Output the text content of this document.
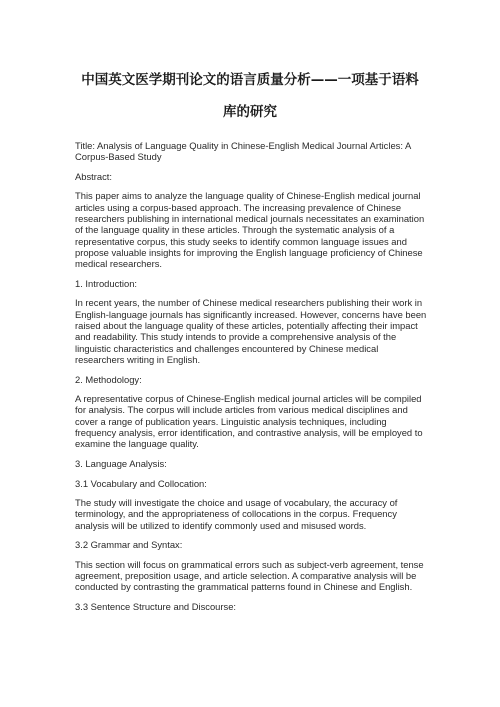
中国英文医学期刊论文的语言质量分析——一项基于语料
库的研究

Title: Analysis of Language Quality in Chinese-English Medical Journal Articles: A Corpus-Based Study

Abstract:

This paper aims to analyze the language quality of Chinese-English medical journal articles using a corpus-based approach. The increasing prevalence of Chinese researchers publishing in international medical journals necessitates an examination of the language quality in these articles. Through the systematic analysis of a representative corpus, this study seeks to identify common language issues and propose valuable insights for improving the English language proficiency of Chinese medical researchers.

1. Introduction:

In recent years, the number of Chinese medical researchers publishing their work in English-language journals has significantly increased. However, concerns have been raised about the language quality of these articles, potentially affecting their impact and readability. This study intends to provide a comprehensive analysis of the linguistic characteristics and challenges encountered by Chinese medical researchers writing in English.

2. Methodology:

A representative corpus of Chinese-English medical journal articles will be compiled for analysis. The corpus will include articles from various medical disciplines and cover a range of publication years. Linguistic analysis techniques, including frequency analysis, error identification, and contrastive analysis, will be employed to examine the language quality.

3. Language Analysis:

3.1 Vocabulary and Collocation:

The study will investigate the choice and usage of vocabulary, the accuracy of terminology, and the appropriateness of collocations in the corpus. Frequency analysis will be utilized to identify commonly used and misused words.

3.2 Grammar and Syntax:

This section will focus on grammatical errors such as subject-verb agreement, tense agreement, preposition usage, and article selection. A comparative analysis will be conducted by contrasting the grammatical patterns found in Chinese and English.

3.3 Sentence Structure and Discourse:
